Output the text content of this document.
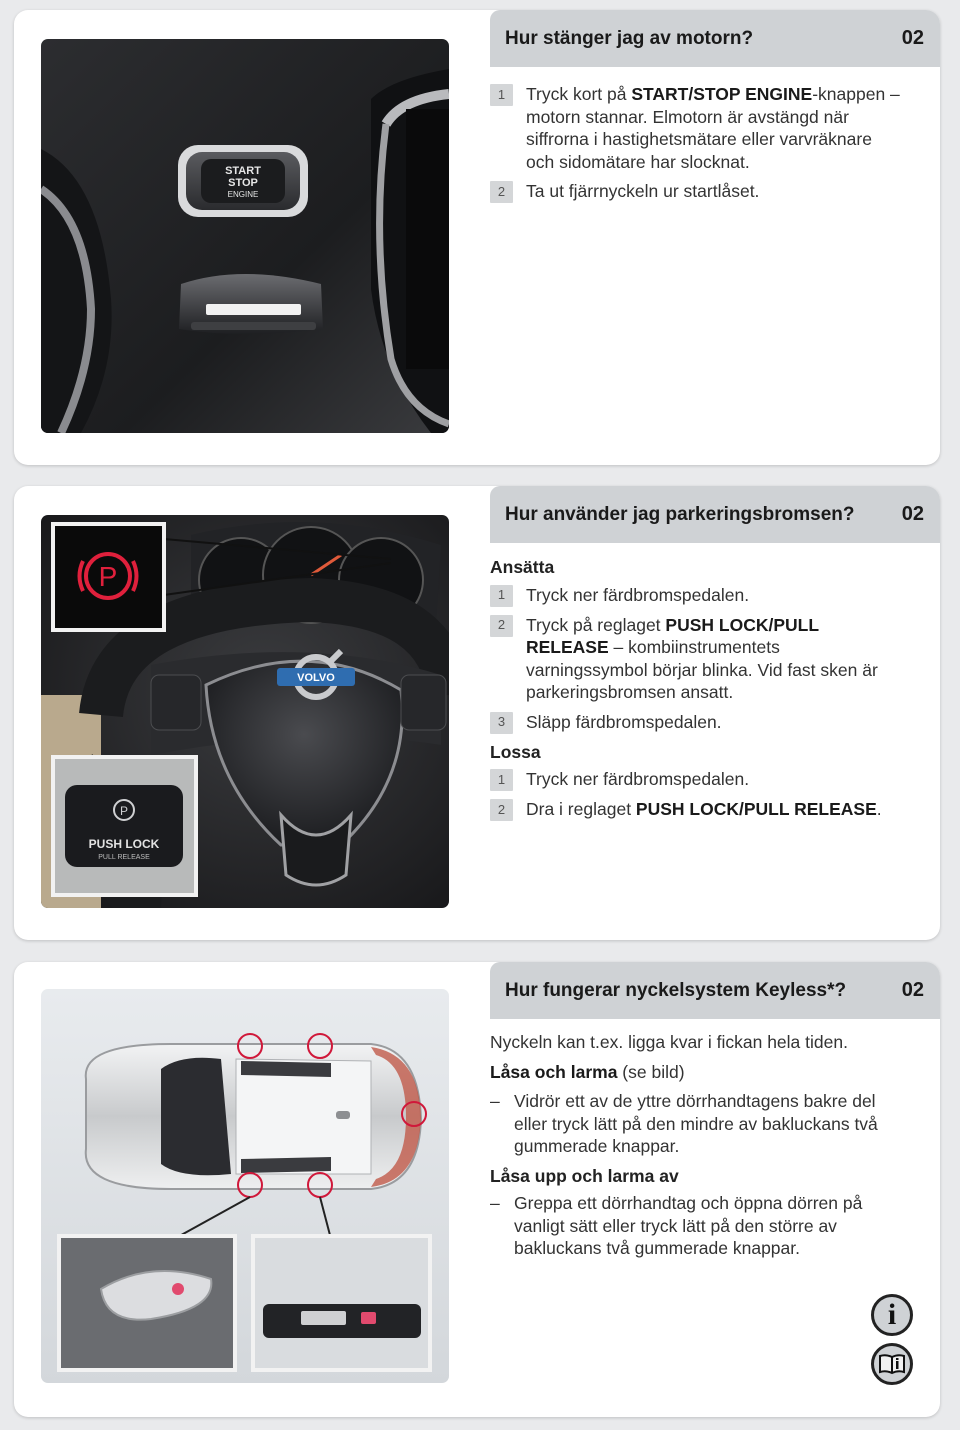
START
STOP
ENGINE
Hur stänger jag av motorn?	02
1	Tryck kort på START/STOP ENGINE-knappen – motorn stannar. Elmotorn är avstängd när siffrorna i hastighetsmätare eller varvräknare och sidomätare har slocknat.
2	Ta ut fjärrnyckeln ur startlåset.
VOLVO
P
P
PUSH LOCK
PULL RELEASE
Hur använder jag parkeringsbromsen?	02
Ansätta
1	Tryck ner färdbromspedalen.
2	Tryck på reglaget PUSH LOCK/PULL RELEASE – kombiinstrumentets varningssymbol börjar blinka. Vid fast sken är parkeringsbromsen ansatt.
3	Släpp färdbromspedalen.
Lossa
1	Tryck ner färdbromspedalen.
2	Dra i reglaget PUSH LOCK/PULL RELEASE.
Hur fungerar nyckelsystem Keyless*?	02
Nyckeln kan t.ex. ligga kvar i fickan hela tiden.
Låsa och larma (se bild)
– Vidrör ett av de yttre dörrhandtagens bakre del eller tryck lätt på den mindre av bakluckans två gummerade knappar.
Låsa upp och larma av
– Greppa ett dörrhandtag och öppna dörren på vanligt sätt eller tryck lätt på den större av bakluckans två gummerade knappar.
i
